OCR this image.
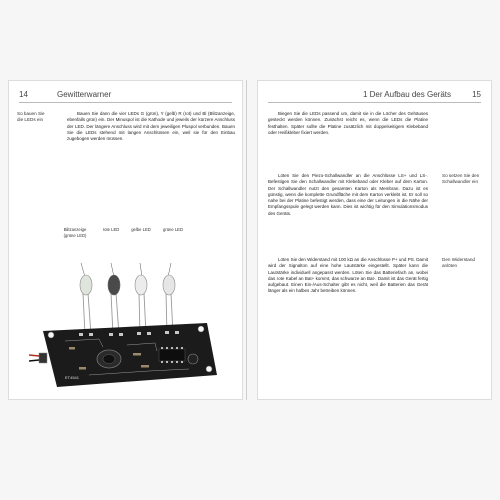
14	Gewitterwarner
So bauen Sie die LEDs ein

Bauen Sie dann die vier LEDs G (grün), Y (gelb) R (rot) und Bl (Blitzanzeige, ebenfalls grün) ein. Der Minuspol ist die Kathode und jeweils der kürzere Anschluss der LED. Der längere Anschluss wird mit dem jeweiligen Pluspol verbunden. Bauen Sie die LEDs stehend mit langen Anschlüssen ein, weil sie für den Einbau zugebogen werden müssen.

Blitzanzeige (grüne LED)
rote LED	gelbe LED	grüne LED
ET4541
1 Der Aufbau des Geräts	15

Biegen Sie die LEDs passend um, damit sie in die Löcher des Gehäuses gesteckt werden können. Zunächst reicht es, wenn die LEDs die Platine festhalten. Später sollte die Platine zusätzlich mit doppelseitigem Klebeband oder Heißkleber fixiert werden.

Löten Sie den Piezo-Schallwandler an die Anschlüsse LS+ und LS-. Befestigen Sie den Schallwandler mit Klebeband oder Kleber auf dem Karton. Der Schallwandler nutzt den gesamten Karton als Membran. Dazu ist es günstig, wenn die komplette Grundfläche mit dem Karton verklebt ist. Er soll so nahe bei der Platine befestigt werden, dass eine der Leitungen in die Nähe der Empfangsspule gelegt werden kann. Dies ist wichtig für den Simulationsmodus des Geräts.

Löten Sie den Widerstand mit 100 kΩ an die Anschlüsse P+ und PS. Damit wird der Signalton auf eine hohe Lautstärke eingestellt. Später kann die Lautstärke individuell angepasst werden. Löten Sie das Batteriefach an, wobei das rote Kabel an Bat+ kommt, das schwarze an Bat-. Damit ist das Gerät fertig aufgebaut. Einen Ein-/Aus-Schalter gibt es nicht, weil die Batterien das Gerät länger als ein halbes Jahr betreiben können.

So setzen Sie den Schallwandler ein
Den Widerstand anlöten
